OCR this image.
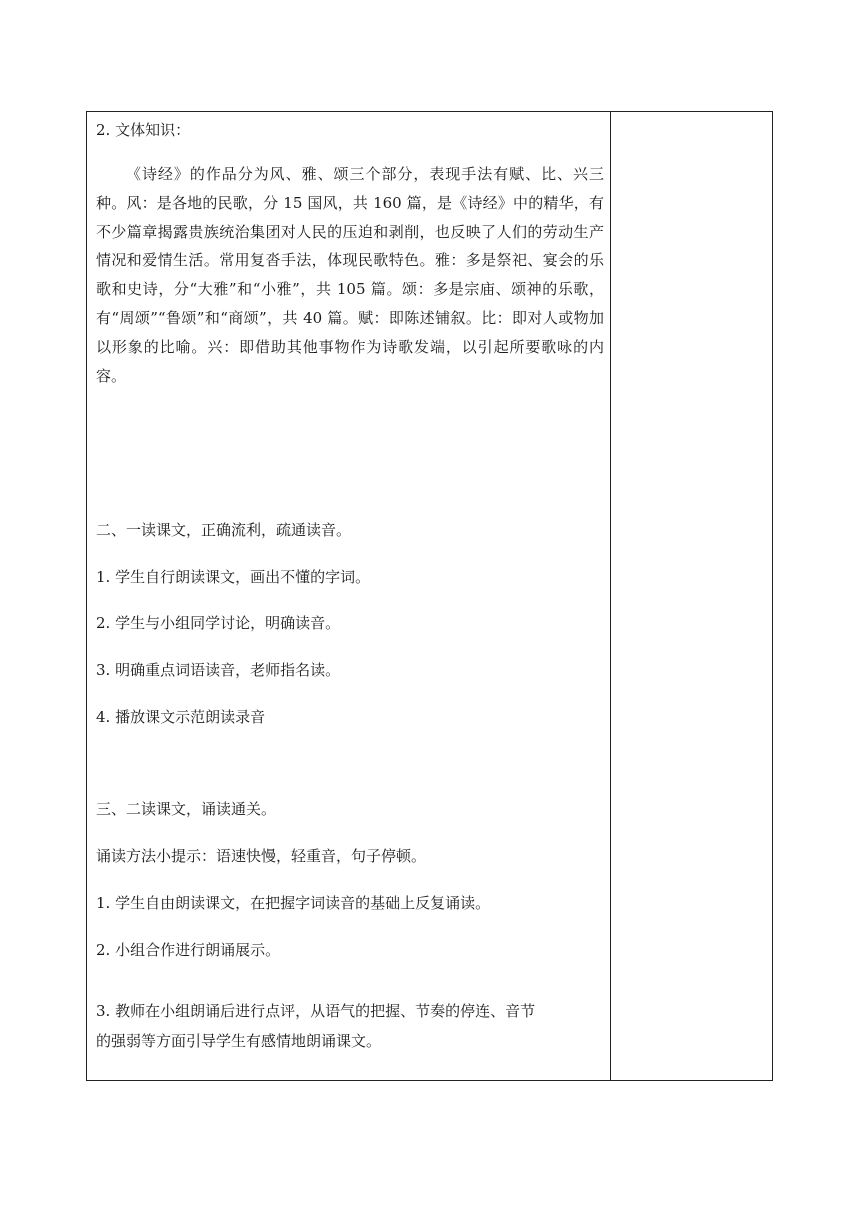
2. 文体知识：
《诗经》的作品分为风、雅、颂三个部分，表现手法有赋、比、兴三种。风：是各地的民歌，分 15 国风，共 160 篇，是《诗经》中的精华，有不少篇章揭露贵族统治集团对人民的压迫和剥削，也反映了人们的劳动生产情况和爱情生活。常用复沓手法，体现民歌特色。雅：多是祭祀、宴会的乐歌和史诗，分“大雅”和“小雅”，共 105 篇。颂：多是宗庙、颂神的乐歌，有“周颂”“鲁颂”和“商颂”，共 40 篇。赋：即陈述铺叙。比：即对人或物加以形象的比喻。兴：即借助其他事物作为诗歌发端，以引起所要歌咏的内容。
二、一读课文，正确流利，疏通读音。
1. 学生自行朗读课文，画出不懂的字词。
2. 学生与小组同学讨论，明确读音。
3. 明确重点词语读音，老师指名读。
4. 播放课文示范朗读录音
三、二读课文，诵读通关。
诵读方法小提示：语速快慢，轻重音，句子停顿。
1. 学生自由朗读课文，在把握字词读音的基础上反复诵读。
2. 小组合作进行朗诵展示。
3. 教师在小组朗诵后进行点评，从语气的把握、节奏的停连、音节
的强弱等方面引导学生有感情地朗诵课文。
